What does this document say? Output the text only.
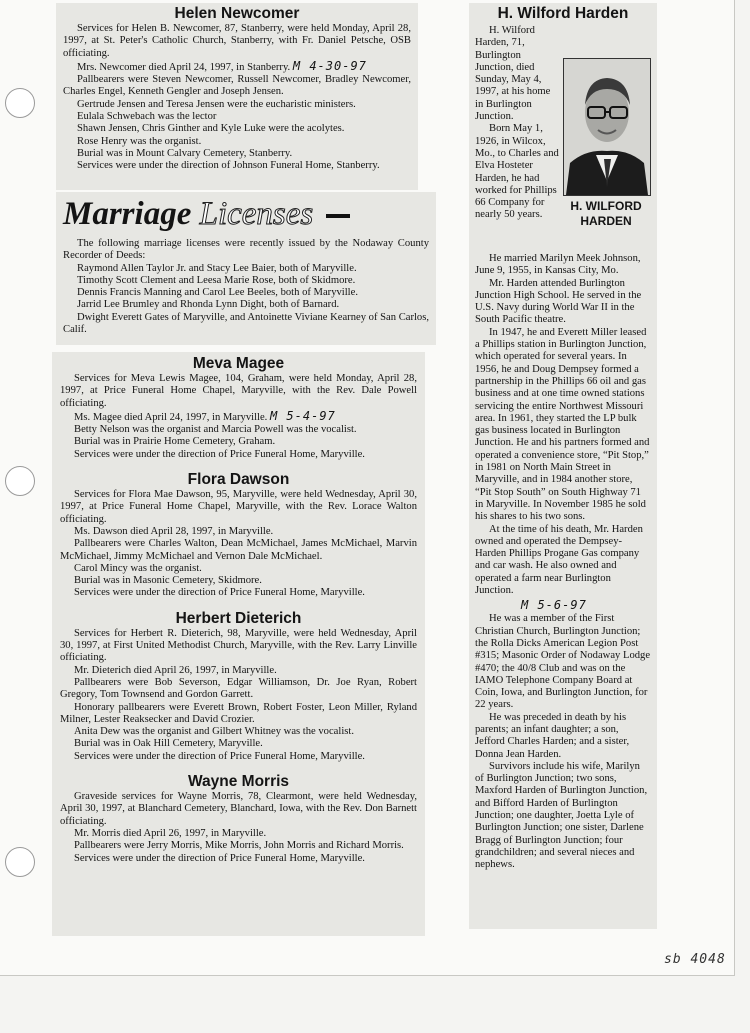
Helen Newcomer

Services for Helen B. Newcomer, 87, Stanberry, were held Monday, April 28, 1997, at St. Peter's Catholic Church, Stanberry, with Fr. Daniel Petsche, OSB officiating.

Mrs. Newcomer died April 24, 1997, in Stanberry. M 4-30-97

Pallbearers were Steven Newcomer, Russell Newcomer, Bradley Newcomer, Charles Engel, Kenneth Gengler and Joseph Jensen.

Gertrude Jensen and Teresa Jensen were the eucharistic ministers.

Eulala Schwebach was the lector

Shawn Jensen, Chris Ginther and Kyle Luke were the acolytes.

Rose Henry was the organist.

Burial was in Mount Calvary Cemetery, Stanberry.

Services were under the direction of Johnson Funeral Home, Stanberry.

Marriage Licenses

The following marriage licenses were recently issued by the Nodaway County Recorder of Deeds:

Raymond Allen Taylor Jr. and Stacy Lee Baier, both of Maryville.

Timothy Scott Clement and Leesa Marie Rose, both of Skidmore.

Dennis Francis Manning and Carol Lee Beeles, both of Maryville.

Jarrid Lee Brumley and Rhonda Lynn Dight, both of Barnard.

Dwight Everett Gates of Maryville, and Antoinette Viviane Kearney of San Carlos, Calif.

Meva Magee

Services for Meva Lewis Magee, 104, Graham, were held Monday, April 28, 1997, at Price Funeral Home Chapel, Maryville, with the Rev. Dale Powell officiating.

Ms. Magee died April 24, 1997, in Maryville. M 5-4-97

Betty Nelson was the organist and Marcia Powell was the vocalist.

Burial was in Prairie Home Cemetery, Graham.

Services were under the direction of Price Funeral Home, Maryville.

Flora Dawson

Services for Flora Mae Dawson, 95, Maryville, were held Wednesday, April 30, 1997, at Price Funeral Home Chapel, Maryville, with the Rev. Lorace Walton officiating.

Ms. Dawson died April 28, 1997, in Maryville.

Pallbearers were Charles Walton, Dean McMichael, James McMichael, Marvin McMichael, Jimmy McMichael and Vernon Dale McMichael.

Carol Mincy was the organist.

Burial was in Masonic Cemetery, Skidmore.

Services were under the direction of Price Funeral Home, Maryville.

Herbert Dieterich

Services for Herbert R. Dieterich, 98, Maryville, were held Wednesday, April 30, 1997, at First United Methodist Church, Maryville, with the Rev. Larry Linville officiating.

Mr. Dieterich died April 26, 1997, in Maryville.

Pallbearers were Bob Severson, Edgar Williamson, Dr. Joe Ryan, Robert Gregory, Tom Townsend and Gordon Garrett.

Honorary pallbearers were Everett Brown, Robert Foster, Leon Miller, Ryland Milner, Lester Reaksecker and David Crozier.

Anita Dew was the organist and Gilbert Whitney was the vocalist.

Burial was in Oak Hill Cemetery, Maryville.

Services were under the direction of Price Funeral Home, Maryville.

Wayne Morris

Graveside services for Wayne Morris, 78, Clearmont, were held Wednesday, April 30, 1997, at Blanchard Cemetery, Blanchard, Iowa, with the Rev. Don Barnett officiating.

Mr. Morris died April 26, 1997, in Maryville.

Pallbearers were Jerry Morris, Mike Morris, John Morris and Richard Morris.

Services were under the direction of Price Funeral Home, Maryville.

H. Wilford Harden

H. Wilford Harden, 71, Burlington Junction, died Sunday, May 4, 1997, at his home in Burlington Junction.

Born May 1, 1926, in Wilcox, Mo., to Charles and Elva Hosteter Harden, he had worked for Phillips 66 Company for nearly 50 years.

H. WILFORD HARDEN

He married Marilyn Meek Johnson, June 9, 1955, in Kansas City, Mo.

Mr. Harden attended Burlington Junction High School. He served in the U.S. Navy during World War II in the South Pacific theatre.

In 1947, he and Everett Miller leased a Phillips station in Burlington Junction, which operated for several years. In 1956, he and Doug Dempsey formed a partnership in the Phillips 66 oil and gas business and at one time owned stations servicing the entire Northwest Missouri area. In 1961, they started the LP bulk gas business located in Burlington Junction. He and his partners formed and operated a convenience store, “Pit Stop,” in 1981 on North Main Street in Maryville, and in 1984 another store, “Pit Stop South” on South Highway 71 in Maryville. In November 1985 he sold his shares to his two sons.

At the time of his death, Mr. Harden owned and operated the Dempsey-Harden Phillips Progane Gas company and car wash. He also owned and operated a farm near Burlington Junction.

M 5-6-97

He was a member of the First Christian Church, Burlington Junction; the Rolla Dicks American Legion Post #315; Masonic Order of Nodaway Lodge #470; the 40/8 Club and was on the IAMO Telephone Company Board at Coin, Iowa, and Burlington Junction, for 22 years.

He was preceded in death by his parents; an infant daughter; a son, Jefford Charles Harden; and a sister, Donna Jean Harden.

Survivors include his wife, Marilyn of Burlington Junction; two sons, Maxford Harden of Burlington Junction, and Bifford Harden of Burlington Junction; one daughter, Joetta Lyle of Burlington Junction; one sister, Darlene Bragg of Burlington Junction; four grandchildren; and several nieces and nephews.

sb 4048
